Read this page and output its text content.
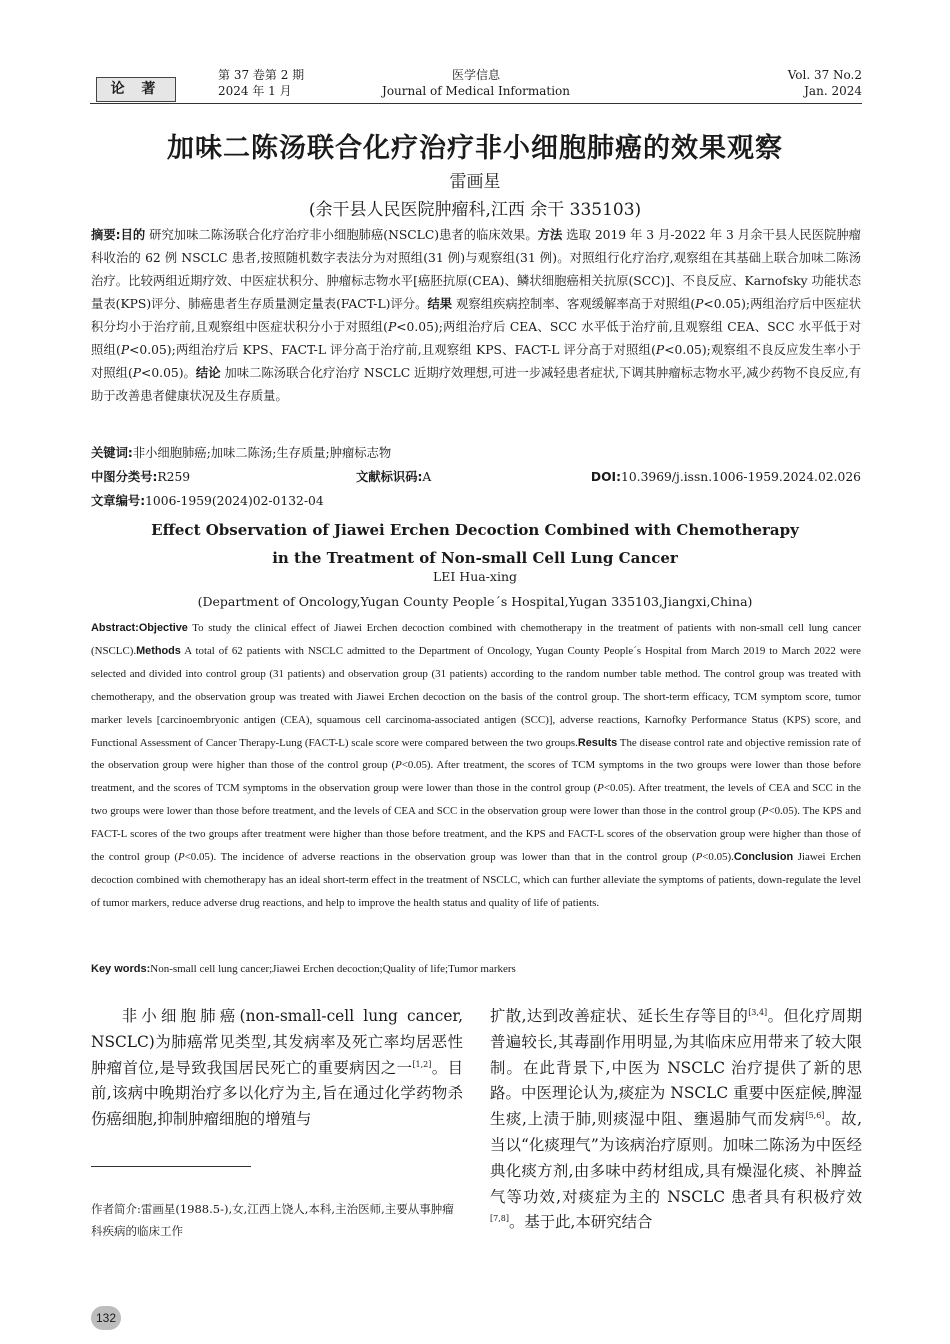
论 著
第 37 卷第 2 期
2024 年 1 月
医学信息
Journal of Medical Information
Vol. 37 No.2
Jan. 2024
加味二陈汤联合化疗治疗非小细胞肺癌的效果观察
雷画星
(余干县人民医院肿瘤科,江西 余干 335103)
摘要:目的 研究加味二陈汤联合化疗治疗非小细胞肺癌(NSCLC)患者的临床效果。方法 选取 2019 年 3 月-2022 年 3 月余干县人民医院肿瘤科收治的 62 例 NSCLC 患者,按照随机数字表法分为对照组(31 例)与观察组(31 例)。对照组行化疗治疗,观察组在其基础上联合加味二陈汤治疗。比较两组近期疗效、中医症状积分、肿瘤标志物水平[癌胚抗原(CEA)、鳞状细胞癌相关抗原(SCC)]、不良反应、Karnofsky 功能状态量表(KPS)评分、肺癌患者生存质量测定量表(FACT-L)评分。结果 观察组疾病控制率、客观缓解率高于对照组(P<0.05);两组治疗后中医症状积分均小于治疗前,且观察组中医症状积分小于对照组(P<0.05);两组治疗后 CEA、SCC 水平低于治疗前,且观察组 CEA、SCC 水平低于对照组(P<0.05);两组治疗后 KPS、FACT-L 评分高于治疗前,且观察组 KPS、FACT-L 评分高于对照组(P<0.05);观察组不良反应发生率小于对照组(P<0.05)。结论 加味二陈汤联合化疗治疗 NSCLC 近期疗效理想,可进一步减轻患者症状,下调其肿瘤标志物水平,减少药物不良反应,有助于改善患者健康状况及生存质量。
关键词:非小细胞肺癌;加味二陈汤;生存质量;肿瘤标志物
中图分类号:R259	文献标识码:A	DOI:10.3969/j.issn.1006-1959.2024.02.026
文章编号:1006-1959(2024)02-0132-04
Effect Observation of Jiawei Erchen Decoction Combined with Chemotherapy
in the Treatment of Non-small Cell Lung Cancer
LEI Hua-xing
(Department of Oncology,Yugan County People´s Hospital,Yugan 335103,Jiangxi,China)
Abstract:Objective To study the clinical effect of Jiawei Erchen decoction combined with chemotherapy in the treatment of patients with non-small cell lung cancer (NSCLC).Methods A total of 62 patients with NSCLC admitted to the Department of Oncology, Yugan County People´s Hospital from March 2019 to March 2022 were selected and divided into control group (31 patients) and observation group (31 patients) according to the random number table method. The control group was treated with chemotherapy, and the observation group was treated with Jiawei Erchen decoction on the basis of the control group. The short-term efficacy, TCM symptom score, tumor marker levels [carcinoembryonic antigen (CEA), squamous cell carcinoma-associated antigen (SCC)], adverse reactions, Karnofky Performance Status (KPS) score, and Functional Assessment of Cancer Therapy-Lung (FACT-L) scale score were compared between the two groups.Results The disease control rate and objective remission rate of the observation group were higher than those of the control group (P<0.05). After treatment, the scores of TCM symptoms in the two groups were lower than those before treatment, and the scores of TCM symptoms in the observation group were lower than those in the control group (P<0.05). After treatment, the levels of CEA and SCC in the two groups were lower than those before treatment, and the levels of CEA and SCC in the observation group were lower than those in the control group (P<0.05). The KPS and FACT-L scores of the two groups after treatment were higher than those before treatment, and the KPS and FACT-L scores of the observation group were higher than those of the control group (P<0.05). The incidence of adverse reactions in the observation group was lower than that in the control group (P<0.05).Conclusion Jiawei Erchen decoction combined with chemotherapy has an ideal short-term effect in the treatment of NSCLC, which can further alleviate the symptoms of patients, down-regulate the level of tumor markers, reduce adverse drug reactions, and help to improve the health status and quality of life of patients.
Key words:Non-small cell lung cancer;Jiawei Erchen decoction;Quality of life;Tumor markers
非小细胞肺癌(non-small-cell lung cancer, NSCLC)为肺癌常见类型,其发病率及死亡率均居恶性肿瘤首位,是导致我国居民死亡的重要病因之一[1,2]。目前,该病中晚期治疗多以化疗为主,旨在通过化学药物杀伤癌细胞,抑制肿瘤细胞的增殖与
扩散,达到改善症状、延长生存等目的[3,4]。但化疗周期普遍较长,其毒副作用明显,为其临床应用带来了较大限制。在此背景下,中医为 NSCLC 治疗提供了新的思路。中医理论认为,痰症为 NSCLC 重要中医症候,脾湿生痰,上渍于肺,则痰湿中阻、壅遏肺气而发病[5,6]。故,当以“化痰理气”为该病治疗原则。加味二陈汤为中医经典化痰方剂,由多味中药材组成,具有燥湿化痰、补脾益气等功效,对痰症为主的 NSCLC 患者具有积极疗效[7,8]。基于此,本研究结合
作者简介:雷画星(1988.5-),女,江西上饶人,本科,主治医师,主要从事肿瘤科疾病的临床工作
132
